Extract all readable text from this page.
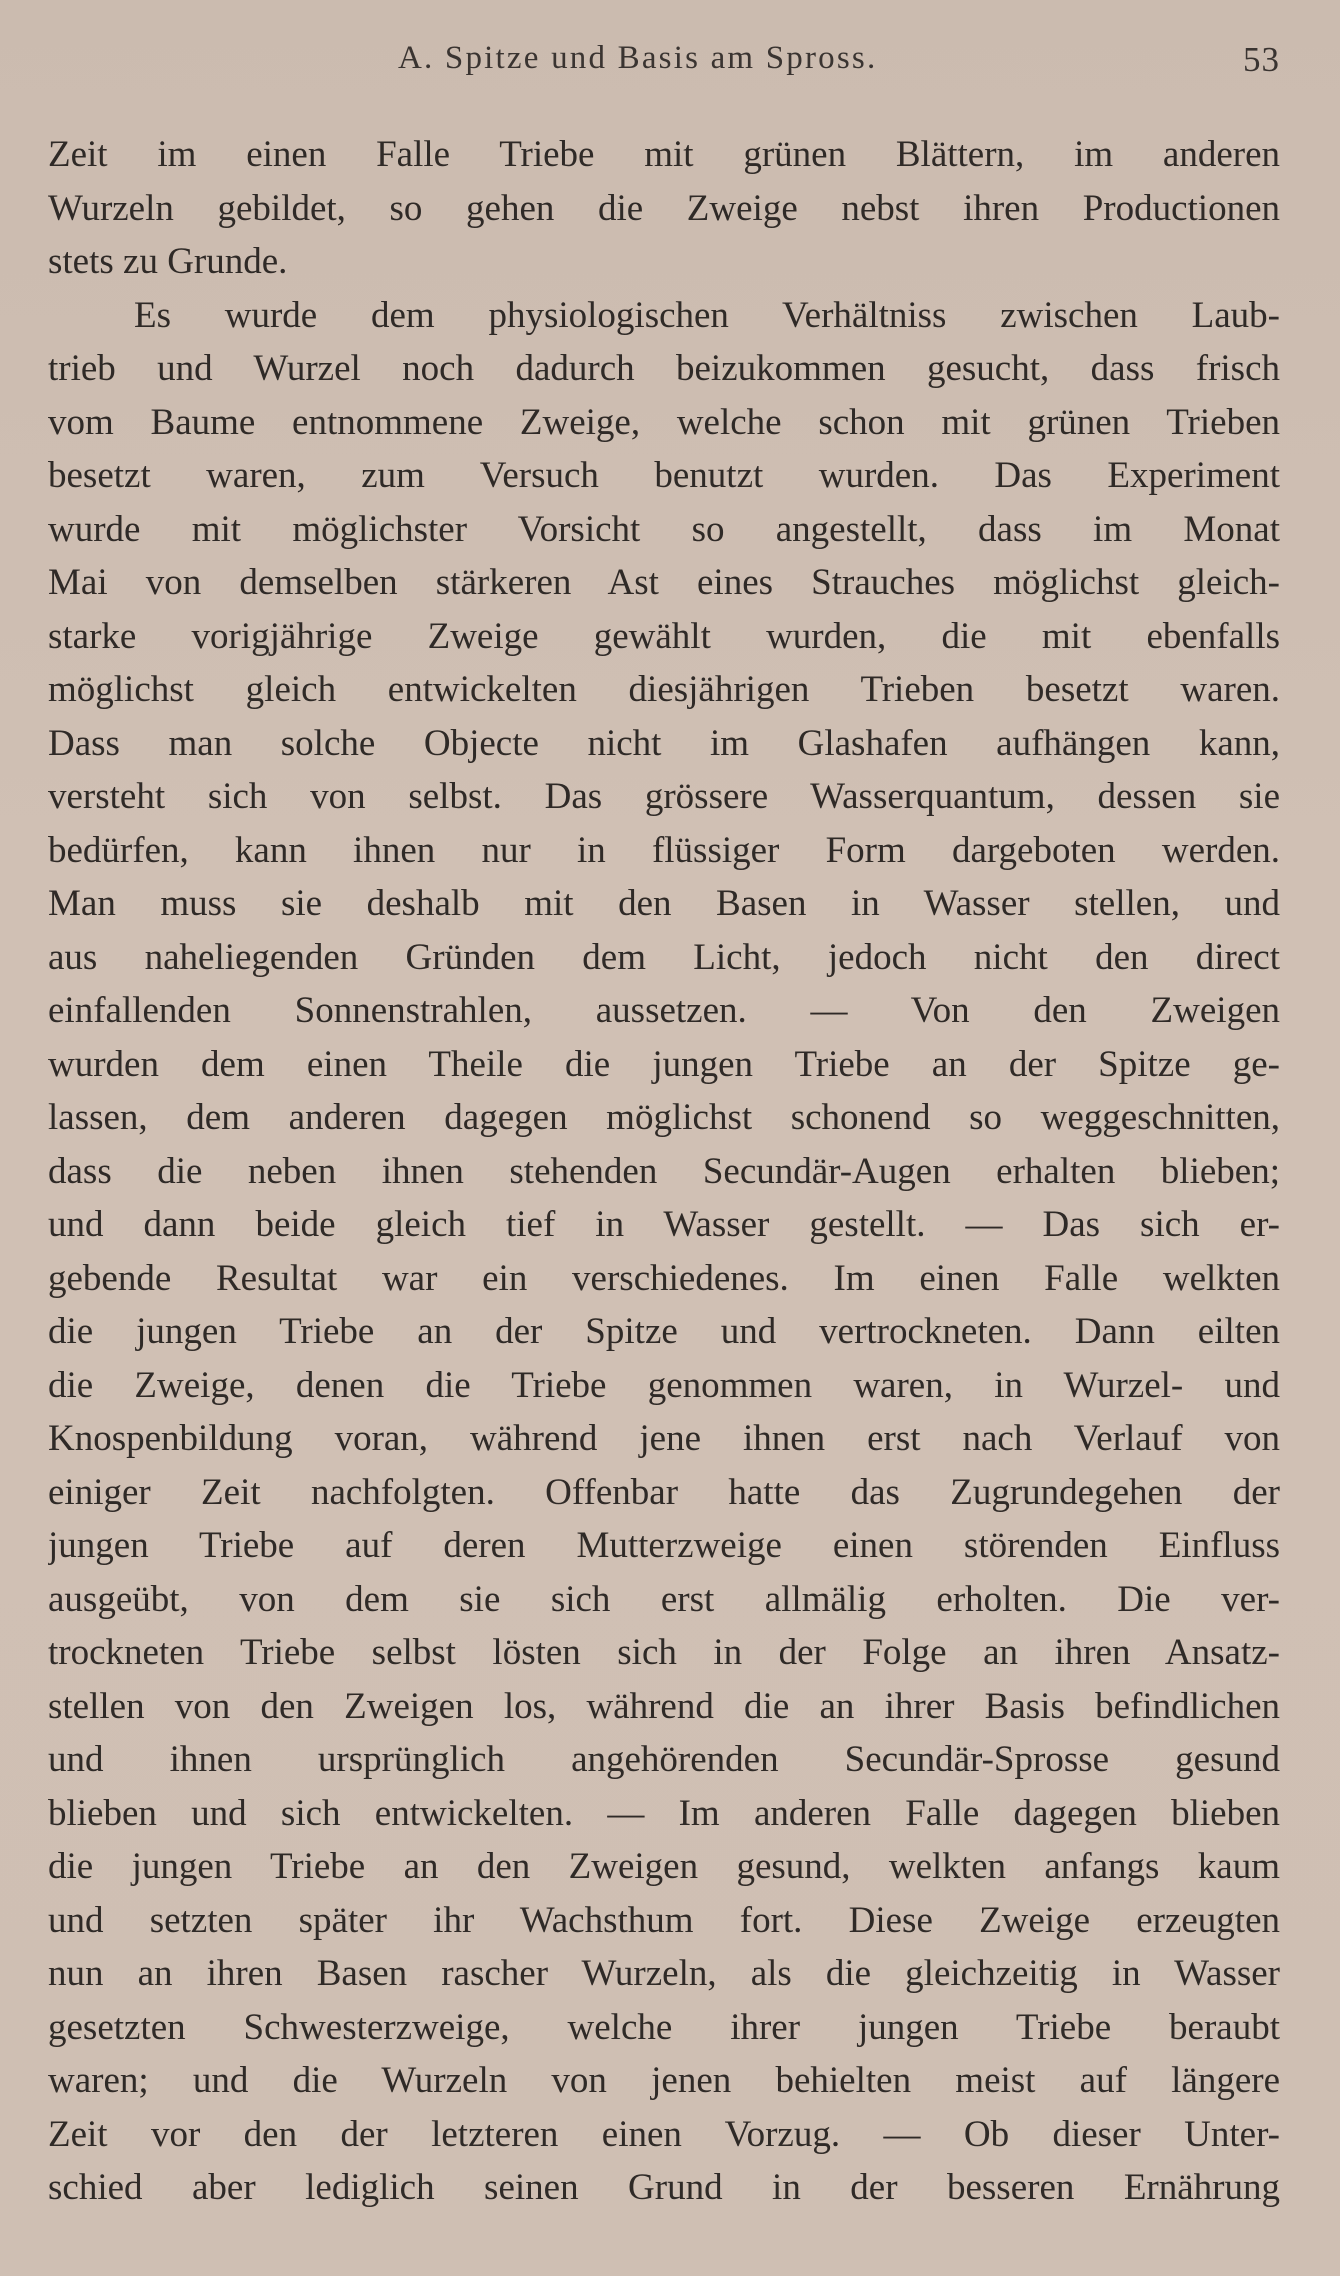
A. Spitze und Basis am Spross.	53
Zeit im einen Falle Triebe mit grünen Blättern, im anderen
Wurzeln gebildet, so gehen die Zweige nebst ihren Productionen
stets zu Grunde.
Es wurde dem physiologischen Verhältniss zwischen Laub-
trieb und Wurzel noch dadurch beizukommen gesucht, dass frisch
vom Baume entnommene Zweige, welche schon mit grünen Trieben
besetzt waren, zum Versuch benutzt wurden. Das Experiment
wurde mit möglichster Vorsicht so angestellt, dass im Monat
Mai von demselben stärkeren Ast eines Strauches möglichst gleich-
starke vorigjährige Zweige gewählt wurden, die mit ebenfalls
möglichst gleich entwickelten diesjährigen Trieben besetzt waren.
Dass man solche Objecte nicht im Glashafen aufhängen kann,
versteht sich von selbst. Das grössere Wasserquantum, dessen sie
bedürfen, kann ihnen nur in flüssiger Form dargeboten werden.
Man muss sie deshalb mit den Basen in Wasser stellen, und
aus naheliegenden Gründen dem Licht, jedoch nicht den direct
einfallenden Sonnenstrahlen, aussetzen. — Von den Zweigen
wurden dem einen Theile die jungen Triebe an der Spitze ge-
lassen, dem anderen dagegen möglichst schonend so weggeschnitten,
dass die neben ihnen stehenden Secundär-Augen erhalten blieben;
und dann beide gleich tief in Wasser gestellt. — Das sich er-
gebende Resultat war ein verschiedenes. Im einen Falle welkten
die jungen Triebe an der Spitze und vertrockneten. Dann eilten
die Zweige, denen die Triebe genommen waren, in Wurzel- und
Knospenbildung voran, während jene ihnen erst nach Verlauf von
einiger Zeit nachfolgten. Offenbar hatte das Zugrundegehen der
jungen Triebe auf deren Mutterzweige einen störenden Einfluss
ausgeübt, von dem sie sich erst allmälig erholten. Die ver-
trockneten Triebe selbst lösten sich in der Folge an ihren Ansatz-
stellen von den Zweigen los, während die an ihrer Basis befindlichen
und ihnen ursprünglich angehörenden Secundär-Sprosse gesund
blieben und sich entwickelten. — Im anderen Falle dagegen blieben
die jungen Triebe an den Zweigen gesund, welkten anfangs kaum
und setzten später ihr Wachsthum fort. Diese Zweige erzeugten
nun an ihren Basen rascher Wurzeln, als die gleichzeitig in Wasser
gesetzten Schwesterzweige, welche ihrer jungen Triebe beraubt
waren; und die Wurzeln von jenen behielten meist auf längere
Zeit vor den der letzteren einen Vorzug. — Ob dieser Unter-
schied aber lediglich seinen Grund in der besseren Ernährung
